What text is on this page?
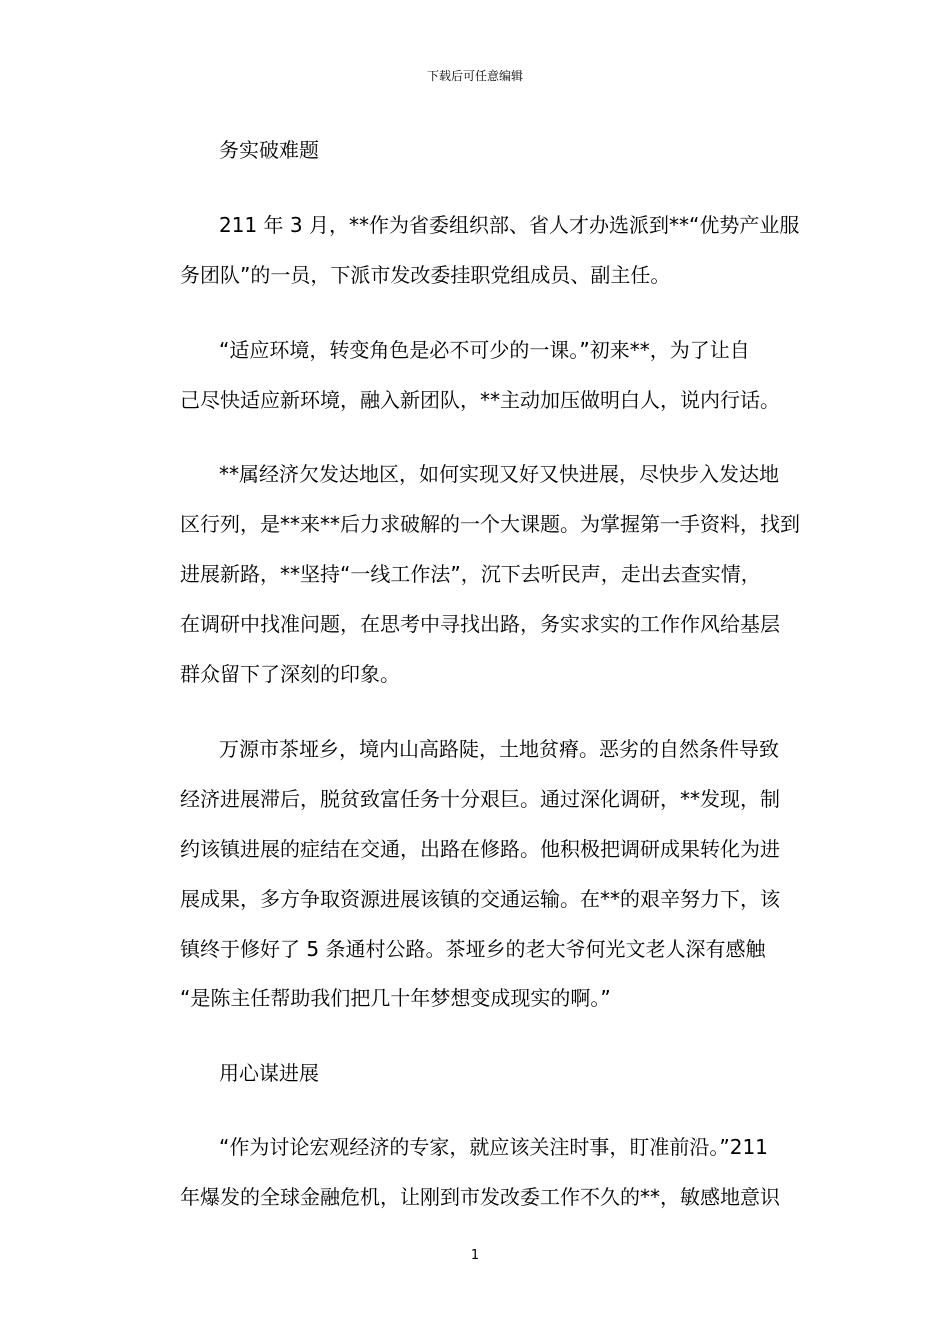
下载后可任意编辑
务实破难题
211 年 3 月，**作为省委组织部、省人才办选派到**“优势产业服
务团队”的一员，下派市发改委挂职党组成员、副主任。
“适应环境，转变角色是必不可少的一课。”初来**，为了让自
己尽快适应新环境，融入新团队，**主动加压做明白人，说内行话。
**属经济欠发达地区，如何实现又好又快进展，尽快步入发达地
区行列，是**来**后力求破解的一个大课题。为掌握第一手资料，找到
进展新路，**坚持“一线工作法”，沉下去听民声，走出去查实情，
在调研中找准问题，在思考中寻找出路，务实求实的工作作风给基层
群众留下了深刻的印象。
万源市茶垭乡，境内山高路陡，土地贫瘠。恶劣的自然条件导致
经济进展滞后，脱贫致富任务十分艰巨。通过深化调研，**发现，制
约该镇进展的症结在交通，出路在修路。他积极把调研成果转化为进
展成果，多方争取资源进展该镇的交通运输。在**的艰辛努力下，该
镇终于修好了 5 条通村公路。茶垭乡的老大爷何光文老人深有感触
“是陈主任帮助我们把几十年梦想变成现实的啊。”
用心谋进展
“作为讨论宏观经济的专家，就应该关注时事，盯准前沿。”211
年爆发的全球金融危机，让刚到市发改委工作不久的**，敏感地意识
1
